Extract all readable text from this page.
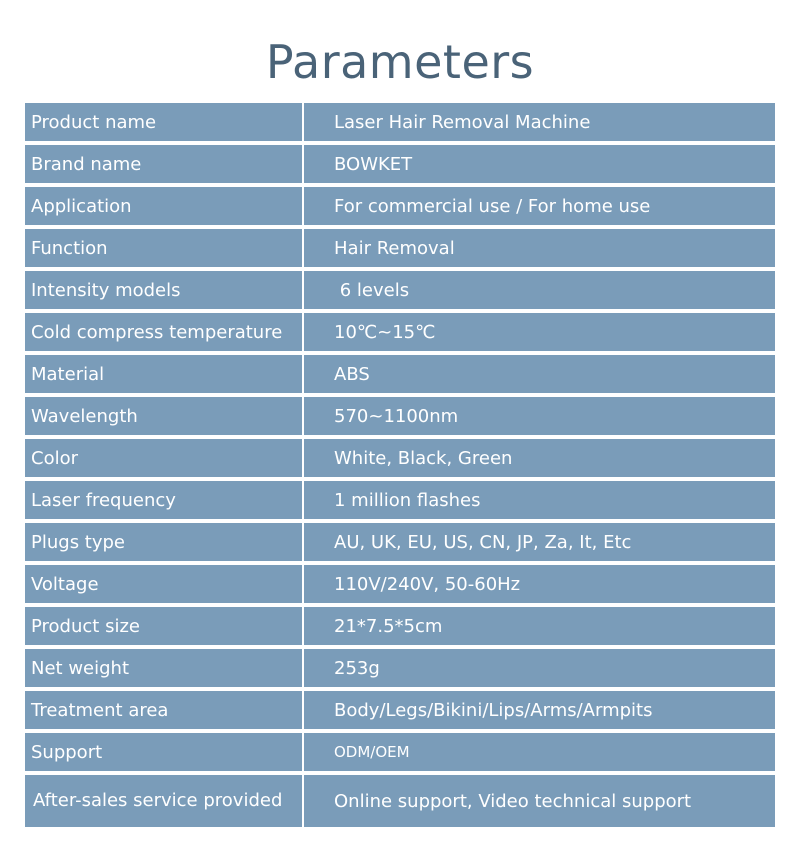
Parameters
Product name	Laser Hair Removal Machine
Brand name	BOWKET
Application	For commercial use / For home use
Function	Hair Removal
Intensity models	6 levels
Cold compress temperature	10℃~15℃
Material	ABS
Wavelength	570~1100nm
Color	White, Black, Green
Laser frequency	1 million flashes
Plugs type	AU, UK, EU, US, CN, JP, Za, It, Etc
Voltage	110V/240V, 50-60Hz
Product size	21*7.5*5cm
Net weight	253g
Treatment area	Body/Legs/Bikini/Lips/Arms/Armpits
Support	ODM/OEM
After-sales service provided	Online support, Video technical support
